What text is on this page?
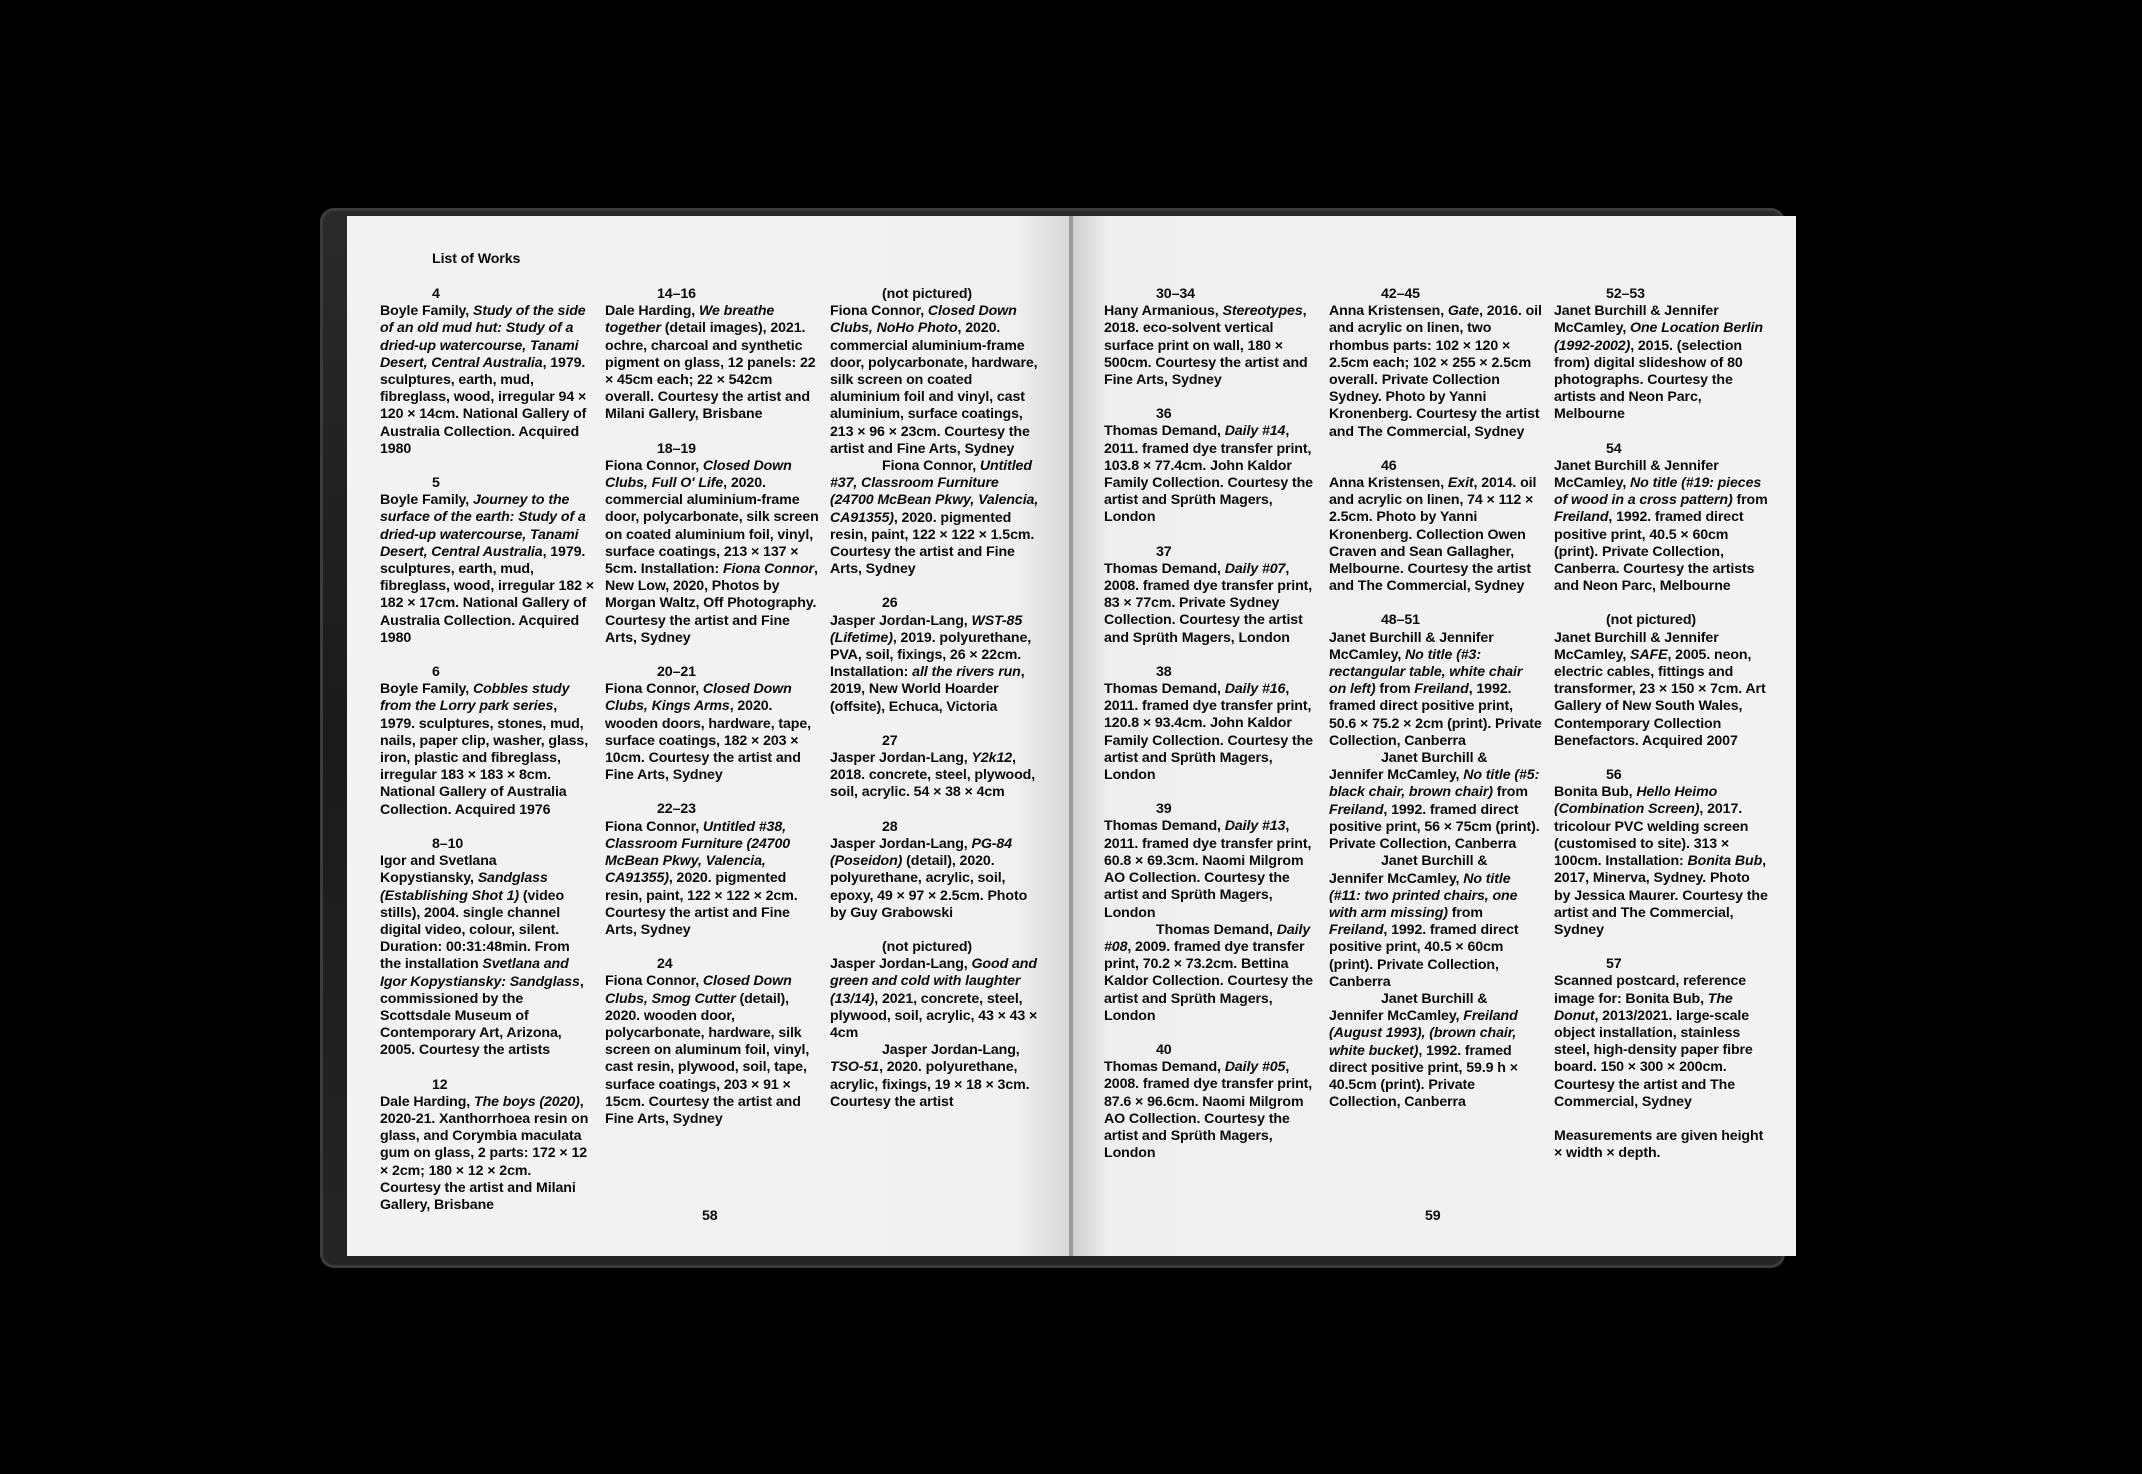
List of Works
4
Boyle Family, Study of the side of an old mud hut: Study of a dried-up watercourse, Tanami Desert, Central Australia, 1979. sculptures, earth, mud, fibreglass, wood, irregular 94 × 120 × 14cm. National Gallery of Australia Collection. Acquired 1980
5
Boyle Family, Journey to the surface of the earth: Study of a dried-up watercourse, Tanami Desert, Central Australia, 1979. sculptures, earth, mud, fibreglass, wood, irregular 182 × 182 × 17cm. National Gallery of Australia Collection. Acquired 1980
6
Boyle Family, Cobbles study from the Lorry park series, 1979. sculptures, stones, mud, nails, paper clip, washer, glass, iron, plastic and fibreglass, irregular 183 × 183 × 8cm. National Gallery of Australia Collection. Acquired 1976
8–10
Igor and Svetlana Kopystiansky, Sandglass (Establishing Shot 1) (video stills), 2004. single channel digital video, colour, silent. Duration: 00:31:48min. From the installation Svetlana and Igor Kopystiansky: Sandglass, commissioned by the Scottsdale Museum of Contemporary Art, Arizona, 2005. Courtesy the artists
12
Dale Harding, The boys (2020), 2020-21. Xanthorrhoea resin on glass, and Corymbia maculata gum on glass, 2 parts: 172 × 12 × 2cm; 180 × 12 × 2cm. Courtesy the artist and Milani Gallery, Brisbane
14–16
Dale Harding, We breathe together (detail images), 2021. ochre, charcoal and synthetic pigment on glass, 12 panels: 22 × 45cm each; 22 × 542cm overall. Courtesy the artist and Milani Gallery, Brisbane
18–19
Fiona Connor, Closed Down Clubs, Full O' Life, 2020. commercial aluminium-frame door, polycarbonate, silk screen on coated aluminium foil, vinyl, surface coatings, 213 × 137 × 5cm. Installation: Fiona Connor, New Low, 2020, Photos by Morgan Waltz, Off Photography. Courtesy the artist and Fine Arts, Sydney
20–21
Fiona Connor, Closed Down Clubs, Kings Arms, 2020. wooden doors, hardware, tape, surface coatings, 182 × 203 × 10cm. Courtesy the artist and Fine Arts, Sydney
22–23
Fiona Connor, Untitled #38, Classroom Furniture (24700 McBean Pkwy, Valencia, CA91355), 2020. pigmented resin, paint, 122 × 122 × 2cm. Courtesy the artist and Fine Arts, Sydney
24
Fiona Connor, Closed Down Clubs, Smog Cutter (detail), 2020. wooden door, polycarbonate, hardware, silk screen on aluminum foil, vinyl, cast resin, plywood, soil, tape, surface coatings, 203 × 91 × 15cm. Courtesy the artist and Fine Arts, Sydney
(not pictured)
Fiona Connor, Closed Down Clubs, NoHo Photo, 2020. commercial aluminium-frame door, polycarbonate, hardware, silk screen on coated aluminium foil and vinyl, cast aluminium, surface coatings, 213 × 96 × 23cm. Courtesy the artist and Fine Arts, Sydney
Fiona Connor, Untitled #37, Classroom Furniture (24700 McBean Pkwy, Valencia, CA91355), 2020. pigmented resin, paint, 122 × 122 × 1.5cm. Courtesy the artist and Fine Arts, Sydney
26
Jasper Jordan-Lang, WST-85 (Lifetime), 2019. polyurethane, PVA, soil, fixings, 26 × 22cm. Installation: all the rivers run, 2019, New World Hoarder (offsite), Echuca, Victoria
27
Jasper Jordan-Lang, Y2k12, 2018. concrete, steel, plywood, soil, acrylic. 54 × 38 × 4cm
28
Jasper Jordan-Lang, PG-84 (Poseidon) (detail), 2020. polyurethane, acrylic, soil, epoxy, 49 × 97 × 2.5cm. Photo by Guy Grabowski
(not pictured)
Jasper Jordan-Lang, Good and green and cold with laughter (13/14), 2021, concrete, steel, plywood, soil, acrylic, 43 × 43 × 4cm
Jasper Jordan-Lang, TSO-51, 2020. polyurethane, acrylic, fixings, 19 × 18 × 3cm. Courtesy the artist
58
30–34
Hany Armanious, Stereotypes, 2018. eco-solvent vertical surface print on wall, 180 × 500cm. Courtesy the artist and Fine Arts, Sydney
36
Thomas Demand, Daily #14, 2011. framed dye transfer print, 103.8 × 77.4cm. John Kaldor Family Collection. Courtesy the artist and Sprüth Magers, London
37
Thomas Demand, Daily #07, 2008. framed dye transfer print, 83 × 77cm. Private Sydney Collection. Courtesy the artist and Sprüth Magers, London
38
Thomas Demand, Daily #16, 2011. framed dye transfer print, 120.8 × 93.4cm. John Kaldor Family Collection. Courtesy the artist and Sprüth Magers, London
39
Thomas Demand, Daily #13, 2011. framed dye transfer print, 60.8 × 69.3cm. Naomi Milgrom AO Collection. Courtesy the artist and Sprüth Magers, London
Thomas Demand, Daily #08, 2009. framed dye transfer print, 70.2 × 73.2cm. Bettina Kaldor Collection. Courtesy the artist and Sprüth Magers, London
40
Thomas Demand, Daily #05, 2008. framed dye transfer print, 87.6 × 96.6cm. Naomi Milgrom AO Collection. Courtesy the artist and Sprüth Magers, London
42–45
Anna Kristensen, Gate, 2016. oil and acrylic on linen, two rhombus parts: 102 × 120 × 2.5cm each; 102 × 255 × 2.5cm overall. Private Collection Sydney. Photo by Yanni Kronenberg. Courtesy the artist and The Commercial, Sydney
46
Anna Kristensen, Exit, 2014. oil and acrylic on linen, 74 × 112 × 2.5cm. Photo by Yanni Kronenberg. Collection Owen Craven and Sean Gallagher, Melbourne. Courtesy the artist and The Commercial, Sydney
48–51
Janet Burchill & Jennifer McCamley, No title (#3: rectangular table, white chair on left) from Freiland, 1992. framed direct positive print, 50.6 × 75.2 × 2cm (print). Private Collection, Canberra
Janet Burchill & Jennifer McCamley, No title (#5: black chair, brown chair) from Freiland, 1992. framed direct positive print, 56 × 75cm (print). Private Collection, Canberra
Janet Burchill & Jennifer McCamley, No title (#11: two printed chairs, one with arm missing) from Freiland, 1992. framed direct positive print, 40.5 × 60cm (print). Private Collection, Canberra
Janet Burchill & Jennifer McCamley, Freiland (August 1993), (brown chair, white bucket), 1992. framed direct positive print, 59.9 h × 40.5cm (print). Private Collection, Canberra
52–53
Janet Burchill & Jennifer McCamley, One Location Berlin (1992-2002), 2015. (selection from) digital slideshow of 80 photographs. Courtesy the artists and Neon Parc, Melbourne
54
Janet Burchill & Jennifer McCamley, No title (#19: pieces of wood in a cross pattern) from Freiland, 1992. framed direct positive print, 40.5 × 60cm (print). Private Collection, Canberra. Courtesy the artists and Neon Parc, Melbourne
(not pictured)
Janet Burchill & Jennifer McCamley, SAFE, 2005. neon, electric cables, fittings and transformer, 23 × 150 × 7cm. Art Gallery of New South Wales, Contemporary Collection Benefactors. Acquired 2007
56
Bonita Bub, Hello Heimo (Combination Screen), 2017. tricolour PVC welding screen (customised to site). 313 × 100cm. Installation: Bonita Bub, 2017, Minerva, Sydney. Photo by Jessica Maurer. Courtesy the artist and The Commercial, Sydney
57
Scanned postcard, reference image for: Bonita Bub, The Donut, 2013/2021. large-scale object installation, stainless steel, high-density paper fibre board. 150 × 300 × 200cm. Courtesy the artist and The Commercial, Sydney
Measurements are given height × width × depth.
59
